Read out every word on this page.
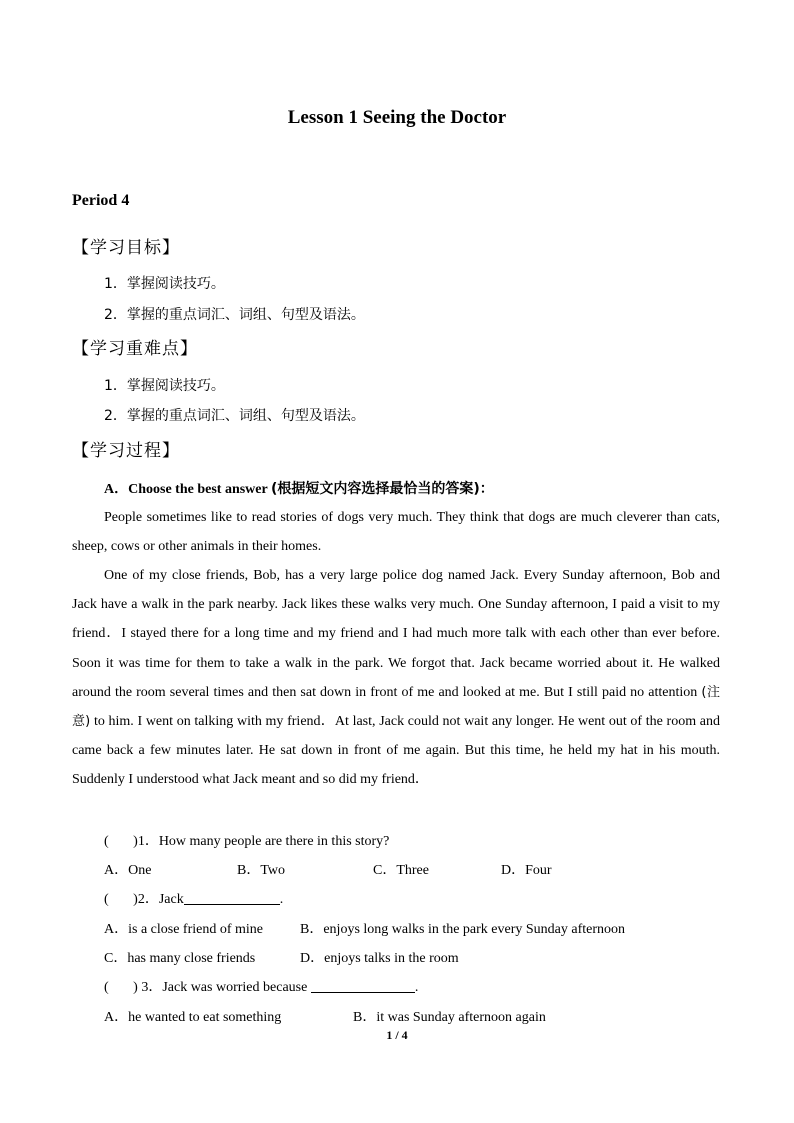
Lesson 1 Seeing the Doctor
Period 4
【学习目标】
1．掌握阅读技巧。
2．掌握的重点词汇、词组、句型及语法。
【学习重难点】
1．掌握阅读技巧。
2．掌握的重点词汇、词组、句型及语法。
【学习过程】
A．Choose the best answer (根据短文内容选择最恰当的答案)：

People sometimes like to read stories of dogs very much. They think that dogs are much cleverer than cats, sheep, cows or other animals in their homes.

One of my close friends, Bob, has a very large police dog named Jack. Every Sunday afternoon, Bob and Jack have a walk in the park nearby. Jack likes these walks very much. One Sunday afternoon, I paid a visit to my friend．I stayed there for a long time and my friend and I had much more talk with each other than ever before. Soon it was time for them to take a walk in the park. We forgot that. Jack became worried about it. He walked around the room several times and then sat down in front of me and looked at me. But I still paid no attention (注意) to him. I went on talking with my friend．At last, Jack could not wait any longer. He went out of the room and came back a few minutes later. He sat down in front of me again. But this time, he held my hat in his mouth. Suddenly I understood what Jack meant and so did my friend．

(       )1．How many people are there in this story?
A．One	B．Two	C．Three	D．Four
(       )2．Jack	.
A．is a close friend of mine	B．enjoys long walks in the park every Sunday afternoon
C．has many close friends	D．enjoys talks in the room
(       ) 3．Jack was worried because	.
A．he wanted to eat something	B．it was Sunday afternoon again
1 / 4
